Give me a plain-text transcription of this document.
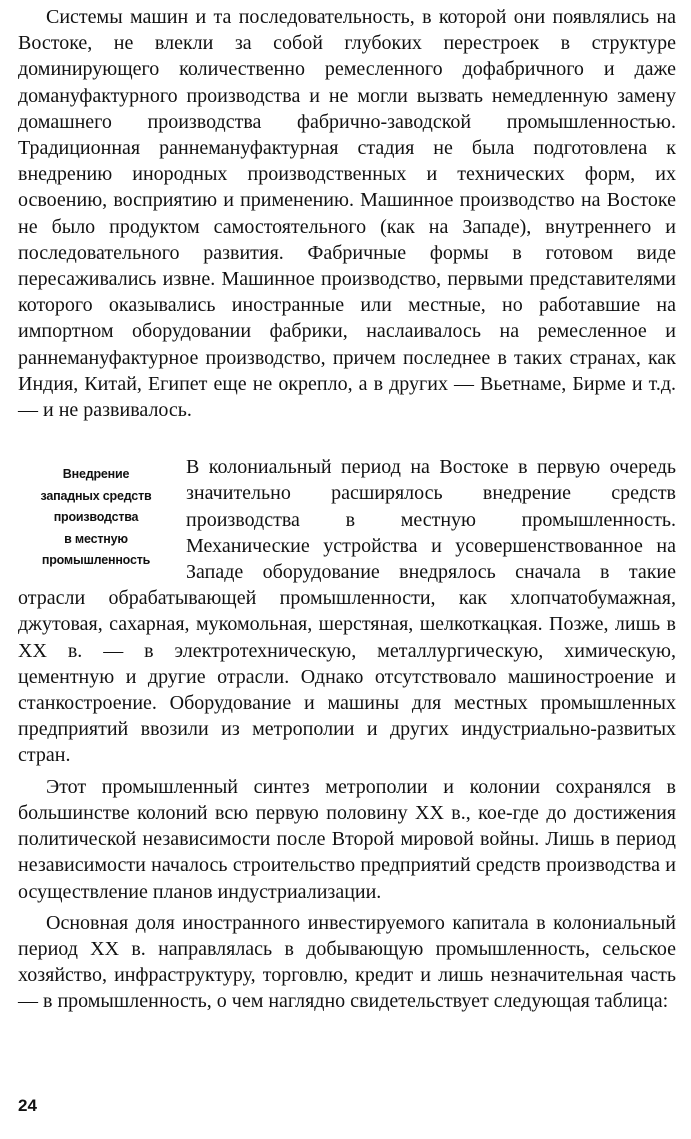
Системы машин и та последовательность, в которой они появлялись на Востоке, не влекли за собой глубоких перестроек в структуре доминирующего количественно ремесленного дофабричного и даже домануфактурного производства и не могли вызвать немедленную замену домашнего производства фабрично-заводской промышленностью. Традиционная раннемануфактурная стадия не была подготовлена к внедрению инородных производственных и технических форм, их освоению, восприятию и применению. Машинное производство на Востоке не было продуктом самостоятельного (как на Западе), внутреннего и последовательного развития. Фабричные формы в готовом виде пересаживались извне. Машинное производство, первыми представителями которого оказывались иностранные или местные, но работавшие на импортном оборудовании фабрики, наслаивалось на ремесленное и раннемануфактурное производство, причем последнее в таких странах, как Индия, Китай, Египет еще не окрепло, а в других — Вьетнаме, Бирме и т.д. — и не развивалось.

Внедрение
западных средств
производства
в местную
промышленность

В колониальный период на Востоке в первую очередь значительно расширялось внедрение средств производства в местную промышленность. Механические устройства и усовершенствованное на Западе оборудование внедрялось сначала в такие отрасли обрабатывающей промышленности, как хлопчатобумажная, джутовая, сахарная, мукомольная, шерстяная, шелкоткацкая. Позже, лишь в XX в. — в электротехническую, металлургическую, химическую, цементную и другие отрасли. Однако отсутствовало машиностроение и станкостроение. Оборудование и машины для местных промышленных предприятий ввозили из метрополии и других индустриально-развитых стран.

Этот промышленный синтез метрополии и колонии сохранялся в большинстве колоний всю первую половину XX в., кое-где до достижения политической независимости после Второй мировой войны. Лишь в период независимости началось строительство предприятий средств производства и осуществление планов индустриализации.

Основная доля иностранного инвестируемого капитала в колониальный период XX в. направлялась в добывающую промышленность, сельское хозяйство, инфраструктуру, торговлю, кредит и лишь незначительная часть — в промышленность, о чем наглядно свидетельствует следующая таблица:

24
